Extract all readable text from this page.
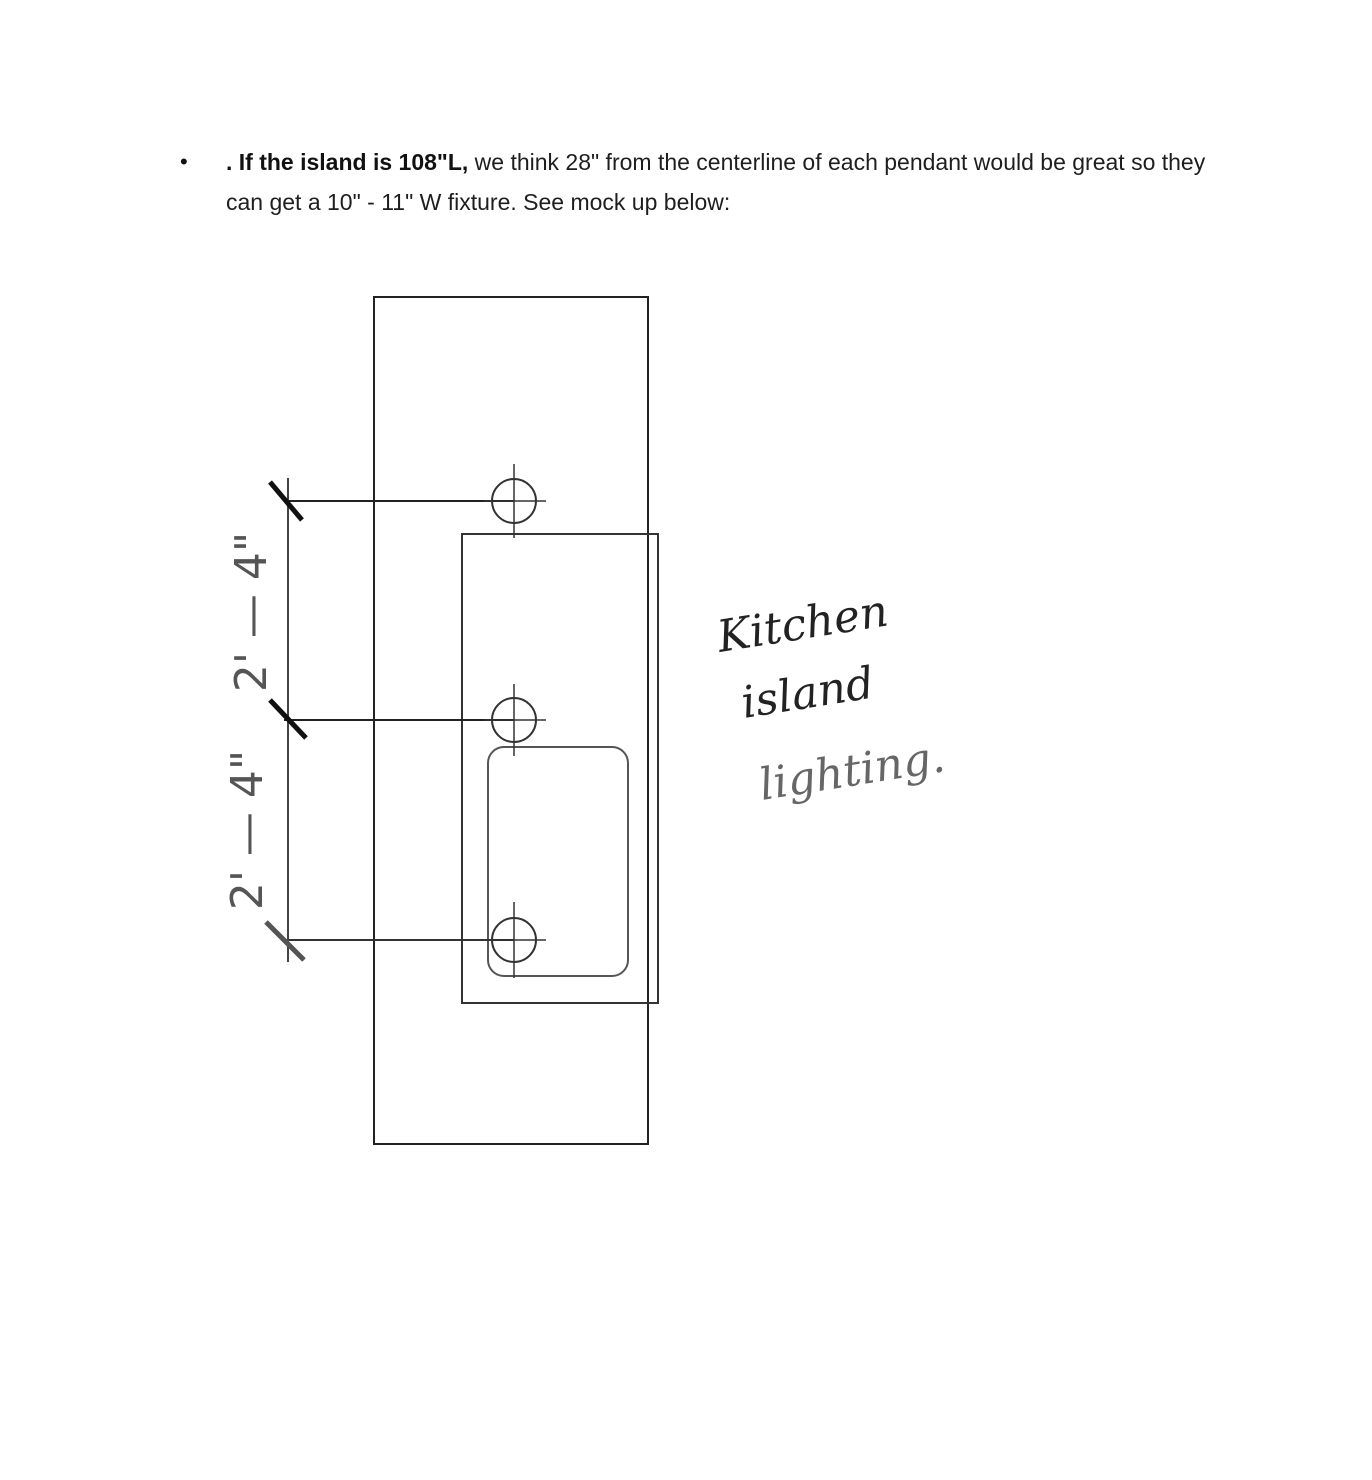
•	. If the island is 108"L, we think 28" from the centerline of each pendant would be great so they can get a 10" - 11" W fixture. See mock up below:
2' — 4"
2' — 4"
Kitchen
island
lighting.
